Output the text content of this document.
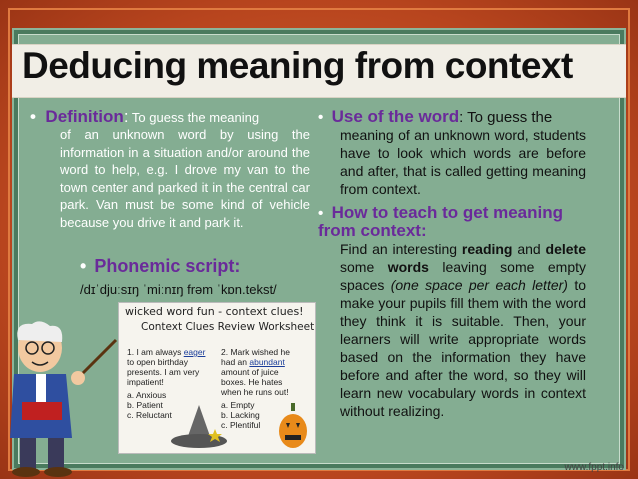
Deducing meaning from context
•  Definition: To guess the meaning
of an unknown word by using the information in a situation and/or around the word to help, e.g. I drove my van to the town center and parked it in the central car park. Van must be some kind of vehicle because you drive it and park it.
• Phonemic script:
/dɪˈdjuːsɪŋ ˈmiːnɪŋ frəm ˈkɒn.tekst/
wicked word fun - context clues!
Context Clues Review Worksheet
1. I am always eager to open birthday presents. I am very impatient!
a. Anxious
b. Patient
c. Reluctant
2. Mark wished he had an abundant amount of juice boxes. He hates when he runs out!
a. Empty
b. Lacking
c. Plentiful
•  Use of the word: To guess the
meaning of an unknown word, students have to look which words are before and after, that is called getting meaning from context.
•  How to teach to get meaning from context:
Find an interesting reading and delete some words leaving some empty spaces (one space per each letter) to make your pupils fill them with the word they think it is suitable. Then, your learners will write appropriate words based on the information they have before and after the word, so they will learn new vocabulary words in context without realizing.
www.fppt.info
